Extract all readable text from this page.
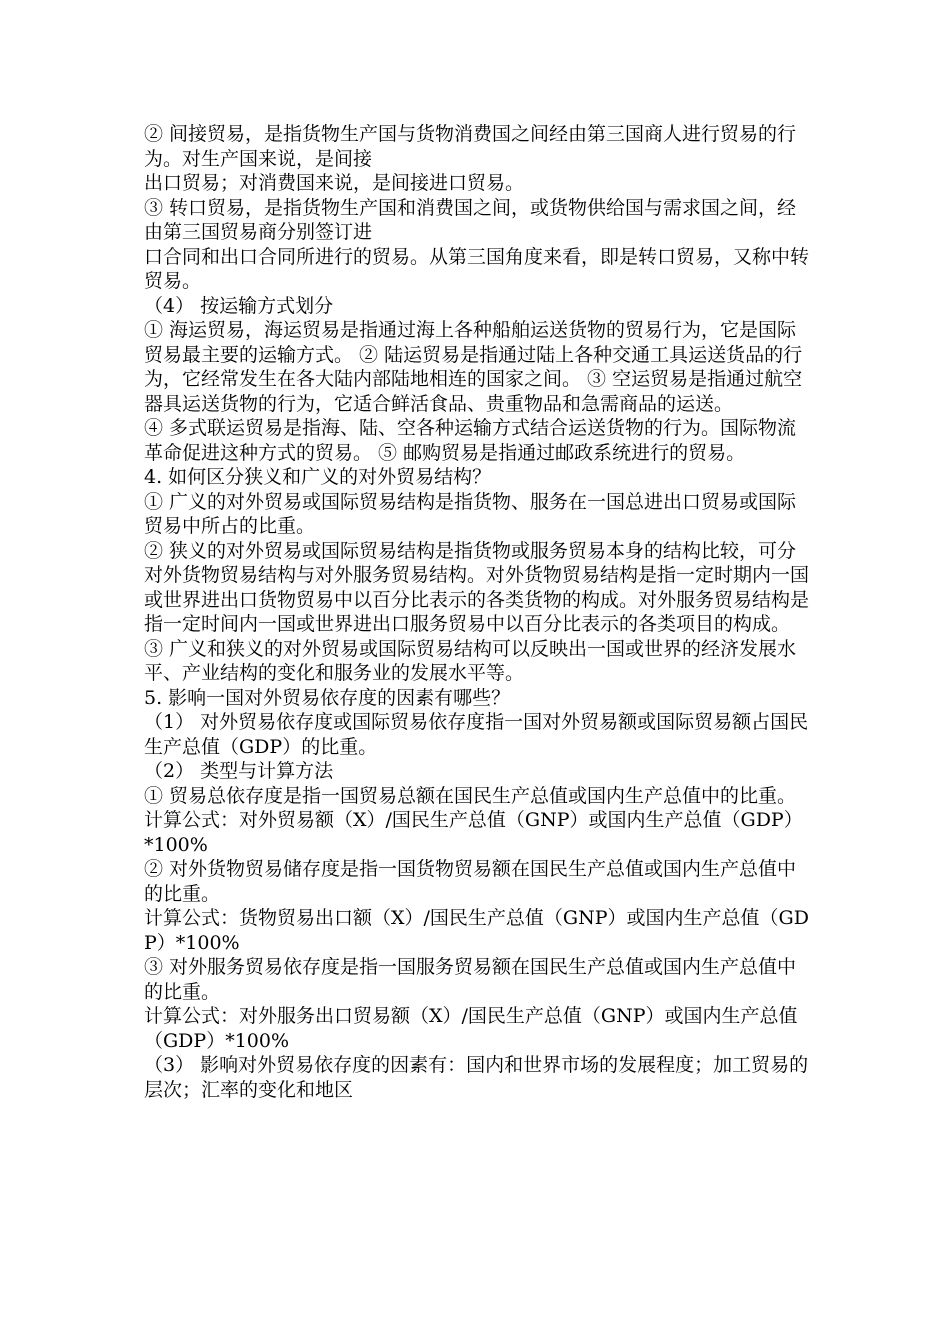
② 间接贸易，是指货物生产国与货物消费国之间经由第三国商人进行贸易的行为。对生产国来说，是间接

出口贸易；对消费国来说，是间接进口贸易。

③ 转口贸易，是指货物生产国和消费国之间，或货物供给国与需求国之间，经由第三国贸易商分别签订进

口合同和出口合同所进行的贸易。从第三国角度来看，即是转口贸易，又称中转贸易。

（4） 按运输方式划分

① 海运贸易，海运贸易是指通过海上各种船舶运送货物的贸易行为，它是国际贸易最主要的运输方式。 ② 陆运贸易是指通过陆上各种交通工具运送货品的行为，它经常发生在各大陆内部陆地相连的国家之间。 ③ 空运贸易是指通过航空器具运送货物的行为，它适合鲜活食品、贵重物品和急需商品的运送。

④ 多式联运贸易是指海、陆、空各种运输方式结合运送货物的行为。国际物流革命促进这种方式的贸易。 ⑤ 邮购贸易是指通过邮政系统进行的贸易。

4. 如何区分狭义和广义的对外贸易结构？

① 广义的对外贸易或国际贸易结构是指货物、服务在一国总进出口贸易或国际贸易中所占的比重。

② 狭义的对外贸易或国际贸易结构是指货物或服务贸易本身的结构比较，可分对外货物贸易结构与对外服务贸易结构。对外货物贸易结构是指一定时期内一国或世界进出口货物贸易中以百分比表示的各类货物的构成。对外服务贸易结构是指一定时间内一国或世界进出口服务贸易中以百分比表示的各类项目的构成。

③ 广义和狭义的对外贸易或国际贸易结构可以反映出一国或世界的经济发展水平、产业结构的变化和服务业的发展水平等。

5. 影响一国对外贸易依存度的因素有哪些？

（1） 对外贸易依存度或国际贸易依存度指一国对外贸易额或国际贸易额占国民生产总值（GDP）的比重。

（2） 类型与计算方法

① 贸易总依存度是指一国贸易总额在国民生产总值或国内生产总值中的比重。

计算公式：对外贸易额（X）/国民生产总值（GNP）或国内生产总值（GDP）*100%

② 对外货物贸易储存度是指一国货物贸易额在国民生产总值或国内生产总值中的比重。

计算公式：货物贸易出口额（X）/国民生产总值（GNP）或国内生产总值（GDP）*100%

③ 对外服务贸易依存度是指一国服务贸易额在国民生产总值或国内生产总值中的比重。

计算公式：对外服务出口贸易额（X）/国民生产总值（GNP）或国内生产总值（GDP）*100%

（3） 影响对外贸易依存度的因素有：国内和世界市场的发展程度；加工贸易的层次；汇率的变化和地区
